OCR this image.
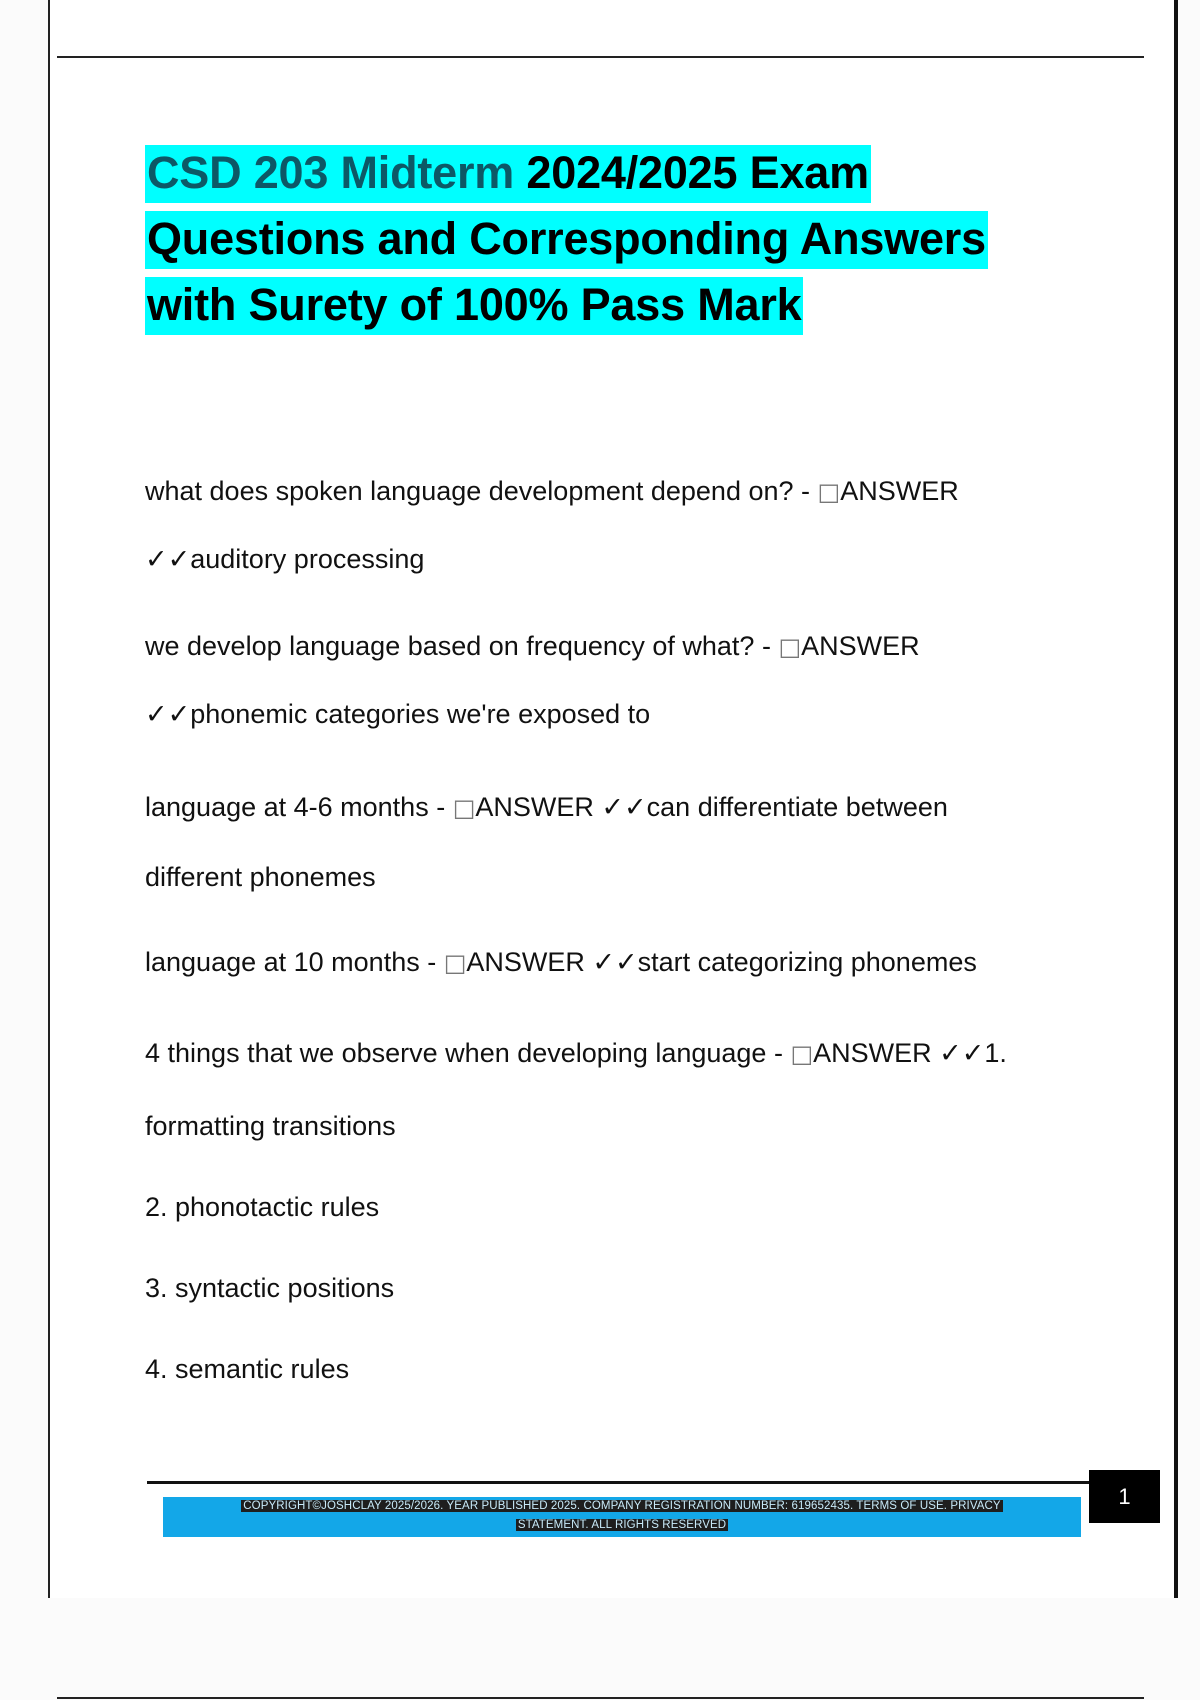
CSD 203 Midterm 2024/2025 Exam
Questions and Corresponding Answers
with Surety of 100% Pass Mark
what does spoken language development depend on? - □ANSWER
✓✓auditory processing
we develop language based on frequency of what? - □ANSWER
✓✓phonemic categories we're exposed to
language at 4-6 months - □ANSWER ✓✓can differentiate between
different phonemes
language at 10 months - □ANSWER ✓✓start categorizing phonemes
4 things that we observe when developing language - □ANSWER ✓✓1.
formatting transitions
2. phonotactic rules
3. syntactic positions
4. semantic rules
COPYRIGHT©JOSHCLAY 2025/2026. YEAR PUBLISHED 2025. COMPANY REGISTRATION NUMBER: 619652435. TERMS OF USE. PRIVACY
STATEMENT. ALL RIGHTS RESERVED
1
